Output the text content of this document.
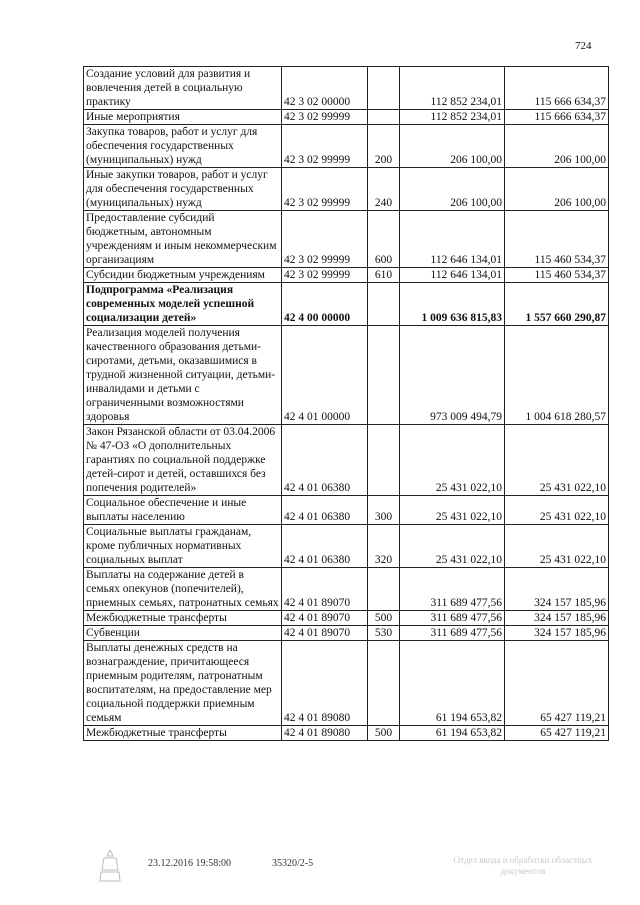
724
Создание условий для развития и вовлечения детей в социальную практику	42 3 02 00000		112 852 234,01	115 666 634,37
Иные мероприятия	42 3 02 99999		112 852 234,01	115 666 634,37
Закупка товаров, работ и услуг для обеспечения государственных (муниципальных) нужд	42 3 02 99999	200	206 100,00	206 100,00
Иные закупки товаров, работ и услуг для обеспечения государственных (муниципальных) нужд	42 3 02 99999	240	206 100,00	206 100,00
Предоставление субсидий бюджетным, автономным учреждениям и иным некоммерческим организациям	42 3 02 99999	600	112 646 134,01	115 460 534,37
Субсидии бюджетным учреждениям	42 3 02 99999	610	112 646 134,01	115 460 534,37
Подпрограмма «Реализация современных моделей успешной социализации детей»	42 4 00 00000		1 009 636 815,83	1 557 660 290,87
Реализация моделей получения качественного образования детьми-сиротами, детьми, оказавшимися в трудной жизненной ситуации, детьми-инвалидами и детьми с ограниченными возможностями здоровья	42 4 01 00000		973 009 494,79	1 004 618 280,57
Закон Рязанской области от 03.04.2006 № 47-ОЗ «О дополнительных гарантиях по социальной поддержке детей-сирот и детей, оставшихся без попечения родителей»	42 4 01 06380		25 431 022,10	25 431 022,10
Социальное обеспечение и иные выплаты населению	42 4 01 06380	300	25 431 022,10	25 431 022,10
Социальные выплаты гражданам, кроме публичных нормативных социальных выплат	42 4 01 06380	320	25 431 022,10	25 431 022,10
Выплаты на содержание детей в семьях опекунов (попечителей), приемных семьях, патронатных семьях	42 4 01 89070		311 689 477,56	324 157 185,96
Межбюджетные трансферты	42 4 01 89070	500	311 689 477,56	324 157 185,96
Субвенции	42 4 01 89070	530	311 689 477,56	324 157 185,96
Выплаты денежных средств на вознаграждение, причитающееся приемным родителям, патронатным воспитателям, на предоставление мер социальной поддержки приемным семьям	42 4 01 89080		61 194 653,82	65 427 119,21
Межбюджетные трансферты	42 4 01 89080	500	61 194 653,82	65 427 119,21
23.12.2016 19:58:00	35320/2-5	Отдел ввода и обработки областных документов
